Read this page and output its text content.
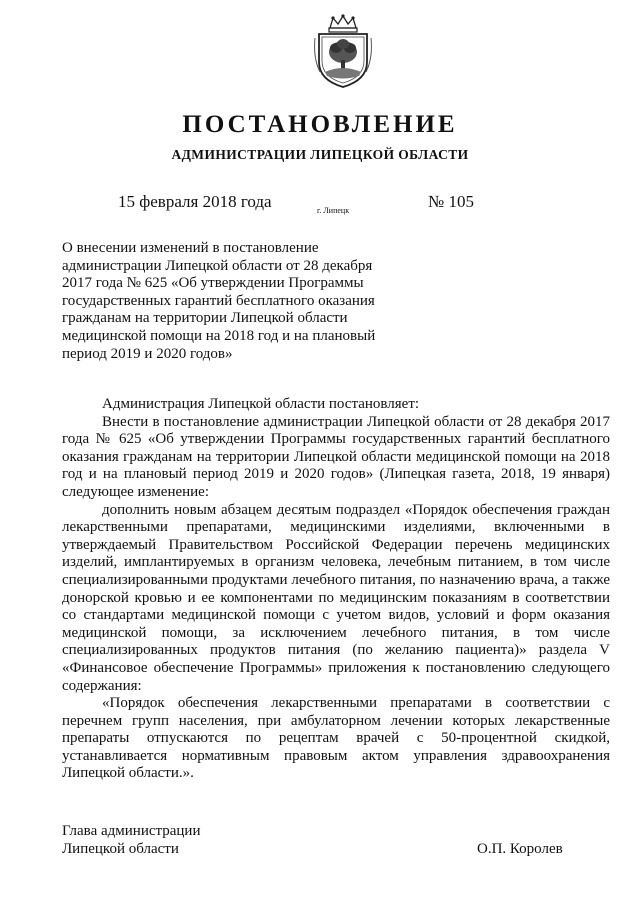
ПОСТАНОВЛЕНИЕ
АДМИНИСТРАЦИИ ЛИПЕЦКОЙ ОБЛАСТИ
15 февраля 2018 года	г. Липецк	№ 105
О внесении изменений в постановление
администрации Липецкой области от 28 декабря
2017 года № 625 «Об утверждении Программы
государственных гарантий бесплатного оказания
гражданам на территории Липецкой области
медицинской помощи на 2018 год и на плановый
период 2019 и 2020 годов»

Администрация Липецкой области постановляет:

Внести в постановление администрации Липецкой области от 28 декабря 2017 года № 625 «Об утверждении Программы государственных гарантий бесплатного оказания гражданам на территории Липецкой области медицинской помощи на 2018 год и на плановый период 2019 и 2020 годов» (Липецкая газета, 2018, 19 января) следующее изменение:

дополнить новым абзацем десятым подраздел «Порядок обеспечения граждан лекарственными препаратами, медицинскими изделиями, включенными в утверждаемый Правительством Российской Федерации перечень медицинских изделий, имплантируемых в организм человека, лечебным питанием, в том числе специализированными продуктами лечебного питания, по назначению врача, а также донорской кровью и ее компонентами по медицинским показаниям в соответствии со стандартами медицинской помощи с учетом видов, условий и форм оказания медицинской помощи, за исключением лечебного питания, в том числе специализированных продуктов питания (по желанию пациента)» раздела V «Финансовое обеспечение Программы» приложения к постановлению следующего содержания:

«Порядок обеспечения лекарственными препаратами в соответствии с перечнем групп населения, при амбулаторном лечении которых лекарственные препараты отпускаются по рецептам врачей с 50-процентной скидкой, устанавливается нормативным правовым актом управления здравоохранения Липецкой области.».

Глава администрации
Липецкой области	О.П. Королев
